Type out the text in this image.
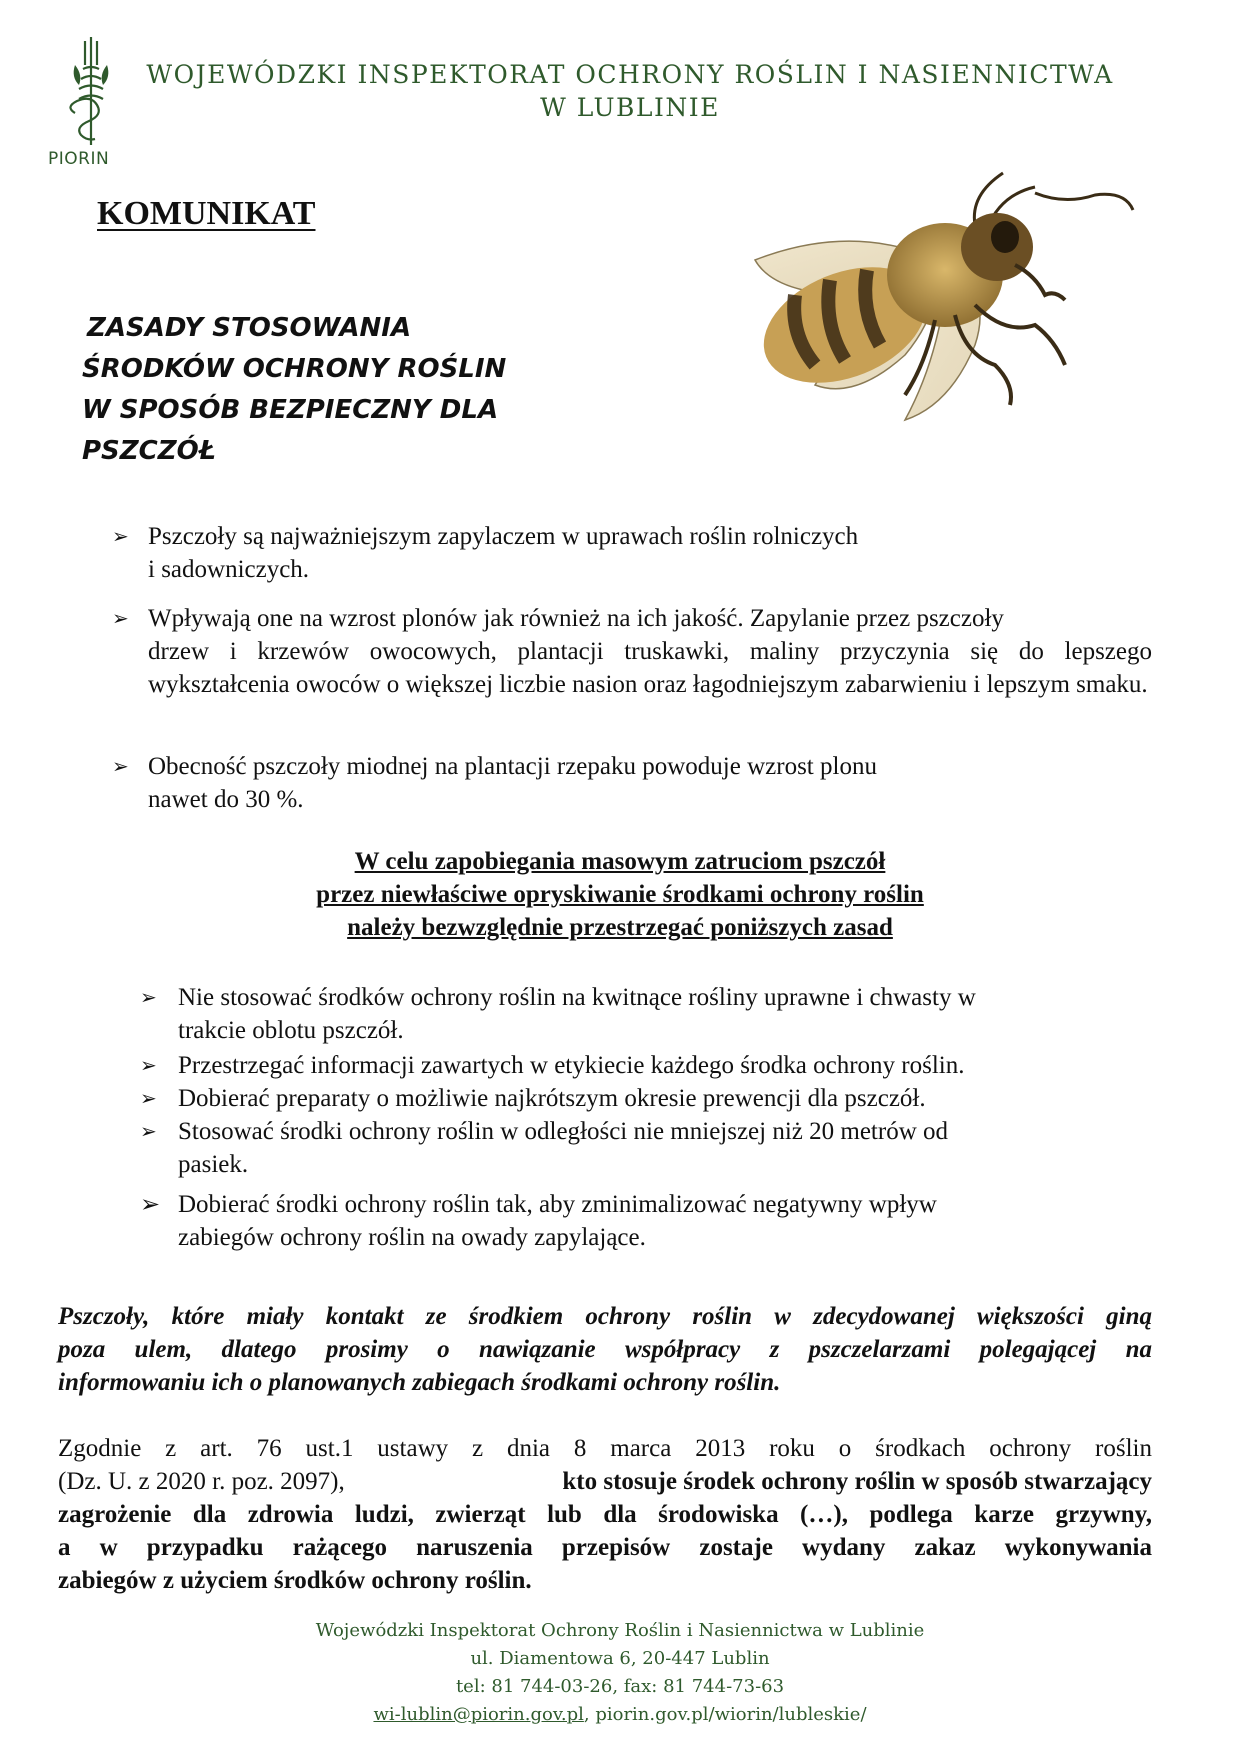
PIORIN
WOJEWÓDZKI INSPEKTORAT OCHRONY ROŚLIN I NASIENNICTWA
W LUBLINIE
KOMUNIKAT
ZASADY STOSOWANIA
ŚRODKÓW OCHRONY ROŚLIN
W SPOSÓB BEZPIECZNY DLA
PSZCZÓŁ
➢ Pszczoły są najważniejszym zapylaczem w uprawach roślin rolniczych
i sadowniczych.
➢ Wpływają one na wzrost plonów jak również na ich jakość. Zapylanie przez pszczoły
drzew i krzewów owocowych, plantacji truskawki, maliny przyczynia się do lepszego wykształcenia owoców o większej liczbie nasion oraz łagodniejszym zabarwieniu i lepszym smaku.
➢ Obecność pszczoły miodnej na plantacji rzepaku powoduje wzrost plonu
nawet do 30 %.
W celu zapobiegania masowym zatruciom pszczół
przez niewłaściwe opryskiwanie środkami ochrony roślin
należy bezwzględnie przestrzegać poniższych zasad
➢ Nie stosować środków ochrony roślin na kwitnące rośliny uprawne i chwasty w
trakcie oblotu pszczół.
➢ Przestrzegać informacji zawartych w etykiecie każdego środka ochrony roślin.
➢ Dobierać preparaty o możliwie najkrótszym okresie prewencji dla pszczół.
➢ Stosować środki ochrony roślin w odległości nie mniejszej niż 20 metrów od
pasiek.
➢ Dobierać środki ochrony roślin tak, aby zminimalizować negatywny wpływ
zabiegów ochrony roślin na owady zapylające.
Pszczoły, które miały kontakt ze środkiem ochrony roślin w zdecydowanej większości giną
poza ulem, dlatego prosimy o nawiązanie współpracy z pszczelarzami polegającej na
informowaniu ich o planowanych zabiegach środkami ochrony roślin.
Zgodnie z art. 76 ust.1 ustawy z dnia 8 marca 2013 roku o środkach ochrony roślin
(Dz. U. z 2020 r. poz. 2097),	kto stosuje środek ochrony roślin w sposób stwarzający
zagrożenie dla zdrowia ludzi, zwierząt lub dla środowiska (…), podlega karze grzywny,
a w przypadku rażącego naruszenia przepisów zostaje wydany zakaz wykonywania
zabiegów z użyciem środków ochrony roślin.
Wojewódzki Inspektorat Ochrony Roślin i Nasiennictwa w Lublinie
ul. Diamentowa 6, 20-447 Lublin
tel: 81 744-03-26, fax: 81 744-73-63
wi-lublin@piorin.gov.pl, piorin.gov.pl/wiorin/lubleskie/
